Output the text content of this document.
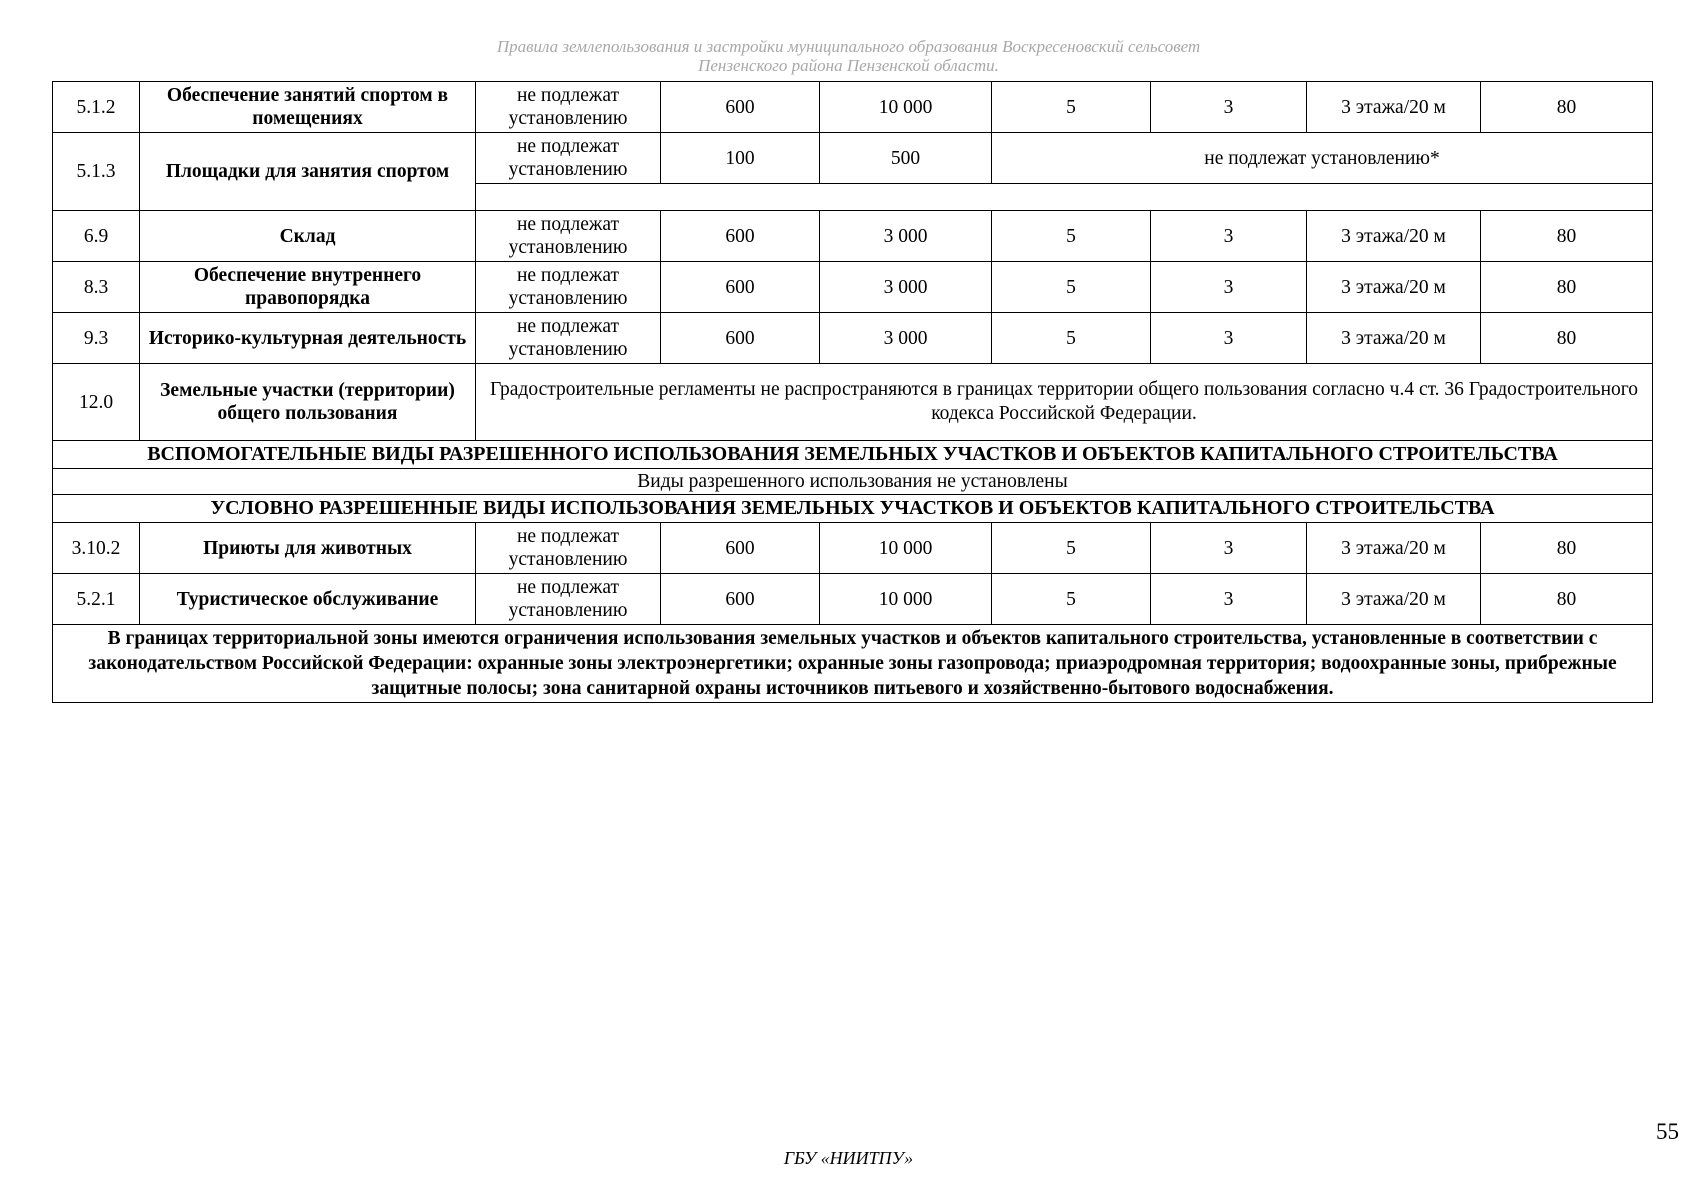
Правила землепользования и застройки муниципального образования Воскресеновский сельсовет
Пензенского района Пензенской области.
5.1.2	Обеспечение занятий спортом в помещениях	не подлежат установлению	600	10 000	5	3	3 этажа/20 м	80
5.1.3	Площадки для занятия спортом	не подлежат установлению	100	500	не подлежат установлению*			

6.9	Склад	не подлежат установлению	600	3 000	5	3	3 этажа/20 м	80
8.3	Обеспечение внутреннего правопорядка	не подлежат установлению	600	3 000	5	3	3 этажа/20 м	80
9.3	Историко-культурная деятельность	не подлежат установлению	600	3 000	5	3	3 этажа/20 м	80
12.0	Земельные участки (территории) общего пользования	Градостроительные регламенты не распространяются в границах территории общего пользования согласно ч.4 ст. 36 Градостроительного кодекса Российской Федерации.						
ВСПОМОГАТЕЛЬНЫЕ ВИДЫ РАЗРЕШЕННОГО ИСПОЛЬЗОВАНИЯ ЗЕМЕЛЬНЫХ УЧАСТКОВ И ОБЪЕКТОВ КАПИТАЛЬНОГО СТРОИТЕЛЬСТВА								
Виды разрешенного использования не установлены								
УСЛОВНО РАЗРЕШЕННЫЕ ВИДЫ ИСПОЛЬЗОВАНИЯ ЗЕМЕЛЬНЫХ УЧАСТКОВ И ОБЪЕКТОВ КАПИТАЛЬНОГО СТРОИТЕЛЬСТВА								
3.10.2	Приюты для животных	не подлежат установлению	600	10 000	5	3	3 этажа/20 м	80
5.2.1	Туристическое обслуживание	не подлежат установлению	600	10 000	5	3	3 этажа/20 м	80
В границах территориальной зоны имеются ограничения использования земельных участков и объектов капитального строительства, установленные в соответствии с законодательством Российской Федерации: охранные зоны электроэнергетики; охранные зоны газопровода; приаэродромная территория; водоохранные зоны, прибрежные защитные полосы; зона санитарной охраны источников питьевого и хозяйственно-бытового водоснабжения.								
55
ГБУ «НИИТПУ»
